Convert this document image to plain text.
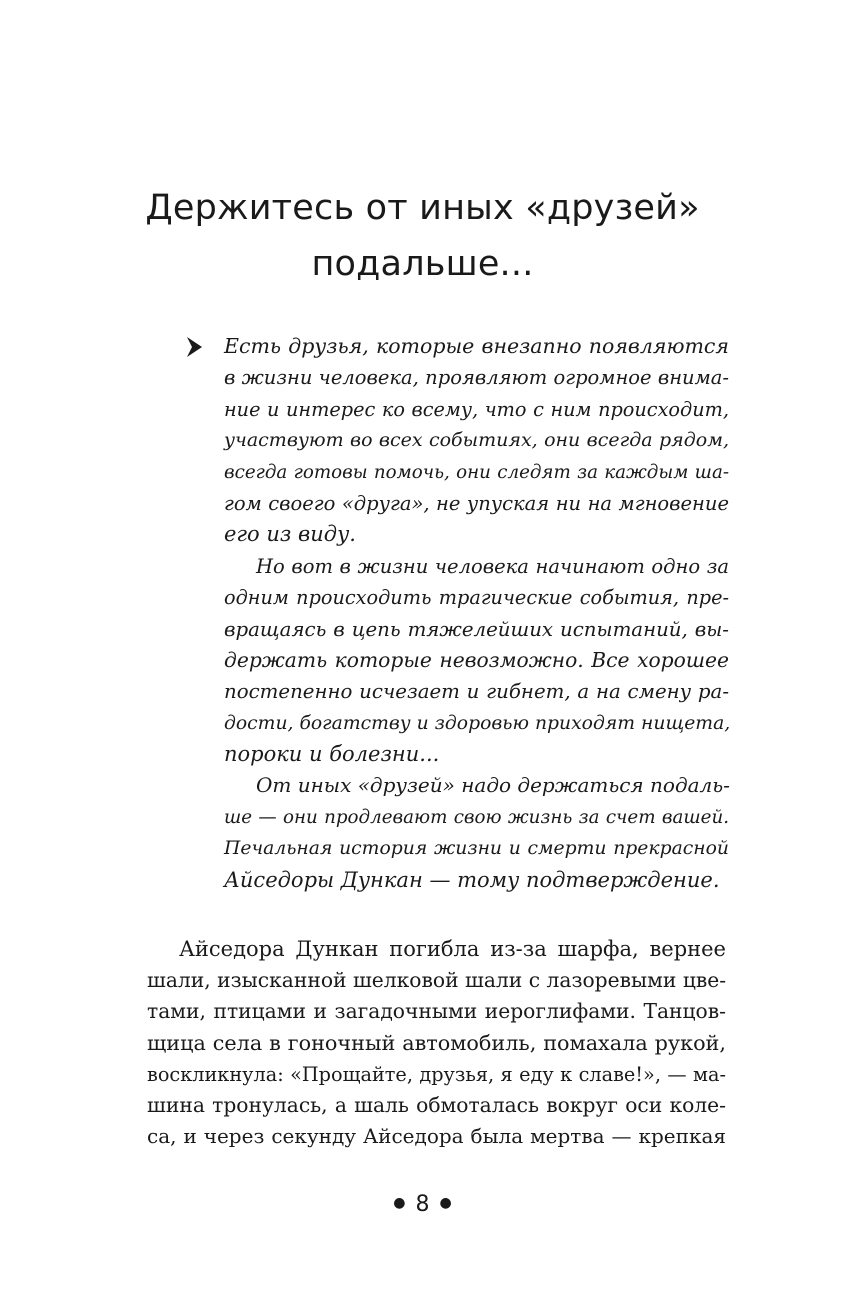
Держитесь от иных «друзей»
подальше...
Есть друзья, которые внезапно появляются
в жизни человека, проявляют огромное внима-
ние и интерес ко всему, что с ним происходит,
участвуют во всех событиях, они всегда рядом,
всегда готовы помочь, они следят за каждым ша-
гом своего «друга», не упуская ни на мгновение
его из виду.
Но вот в жизни человека начинают одно за
одним происходить трагические события, пре-
вращаясь в цепь тяжелейших испытаний, вы-
держать которые невозможно. Все хорошее
постепенно исчезает и гибнет, а на смену ра-
дости, богатству и здоровью приходят нищета,
пороки и болезни...
От иных «друзей» надо держаться подаль-
ше — они продлевают свою жизнь за счет вашей.
Печальная история жизни и смерти прекрасной
Айседоры Дункан — тому подтверждение.
Айседора Дункан погибла из-за шарфа, вернее
шали, изысканной шелковой шали с лазоревыми цве-
тами, птицами и загадочными иероглифами. Танцов-
щица села в гоночный автомобиль, помахала рукой,
воскликнула: «Прощайте, друзья, я еду к славе!», — ма-
шина тронулась, а шаль обмоталась вокруг оси коле-
са, и через секунду Айседора была мертва — крепкая
● 8 ●
